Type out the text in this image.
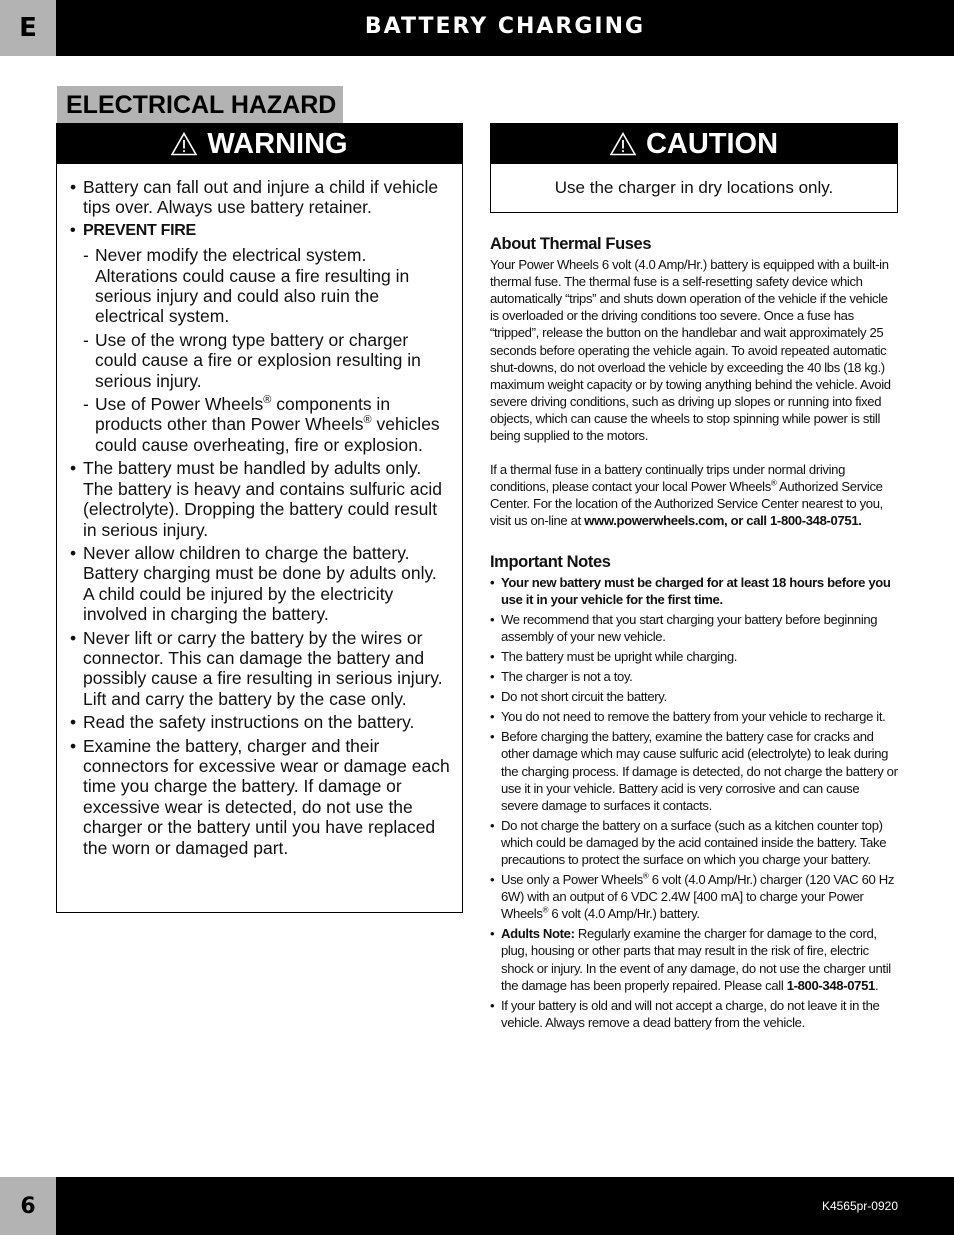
E	BATTERY CHARGING
ELECTRICAL HAZARD
WARNING
• Battery can fall out and injure a child if vehicle tips over. Always use battery retainer.
• PREVENT FIRE
- Never modify the electrical system. Alterations could cause a fire resulting in serious injury and could also ruin the electrical system.
- Use of the wrong type battery or charger could cause a fire or explosion resulting in serious injury.
- Use of Power Wheels® components in products other than Power Wheels® vehicles could cause overheating, fire or explosion.
• The battery must be handled by adults only. The battery is heavy and contains sulfuric acid (electrolyte). Dropping the battery could result in serious injury.
• Never allow children to charge the battery. Battery charging must be done by adults only. A child could be injured by the electricity involved in charging the battery.
• Never lift or carry the battery by the wires or connector. This can damage the battery and possibly cause a fire resulting in serious injury. Lift and carry the battery by the case only.
• Read the safety instructions on the battery.
• Examine the battery, charger and their connectors for excessive wear or damage each time you charge the battery. If damage or excessive wear is detected, do not use the charger or the battery until you have replaced the worn or damaged part.
CAUTION
Use the charger in dry locations only.
About Thermal Fuses

Your Power Wheels 6 volt (4.0 Amp/Hr.) battery is equipped with a built-in thermal fuse. The thermal fuse is a self-resetting safety device which automatically “trips” and shuts down operation of the vehicle if the vehicle is overloaded or the driving conditions too severe. Once a fuse has “tripped”, release the button on the handlebar and wait approximately 25 seconds before operating the vehicle again. To avoid repeated automatic shut-downs, do not overload the vehicle by exceeding the 40 lbs (18 kg.) maximum weight capacity or by towing anything behind the vehicle. Avoid severe driving conditions, such as driving up slopes or running into fixed objects, which can cause the wheels to stop spinning while power is still being supplied to the motors.

If a thermal fuse in a battery continually trips under normal driving conditions, please contact your local Power Wheels® Authorized Service Center. For the location of the Authorized Service Center nearest to you, visit us on-line at www.powerwheels.com, or call 1-800-348-0751.

Important Notes
• Your new battery must be charged for at least 18 hours before you use it in your vehicle for the first time.
• We recommend that you start charging your battery before beginning assembly of your new vehicle.
• The battery must be upright while charging.
• The charger is not a toy.
• Do not short circuit the battery.
• You do not need to remove the battery from your vehicle to recharge it.
• Before charging the battery, examine the battery case for cracks and other damage which may cause sulfuric acid (electrolyte) to leak during the charging process. If damage is detected, do not charge the battery or use it in your vehicle. Battery acid is very corrosive and can cause severe damage to surfaces it contacts.
• Do not charge the battery on a surface (such as a kitchen counter top) which could be damaged by the acid contained inside the battery. Take precautions to protect the surface on which you charge your battery.
• Use only a Power Wheels® 6 volt (4.0 Amp/Hr.) charger (120 VAC 60 Hz 6W) with an output of 6 VDC 2.4W [400 mA] to charge your Power Wheels® 6 volt (4.0 Amp/Hr.) battery.
• Adults Note: Regularly examine the charger for damage to the cord, plug, housing or other parts that may result in the risk of fire, electric shock or injury. In the event of any damage, do not use the charger until the damage has been properly repaired. Please call 1-800-348-0751.
• If your battery is old and will not accept a charge, do not leave it in the vehicle. Always remove a dead battery from the vehicle.
6	K4565pr-0920
